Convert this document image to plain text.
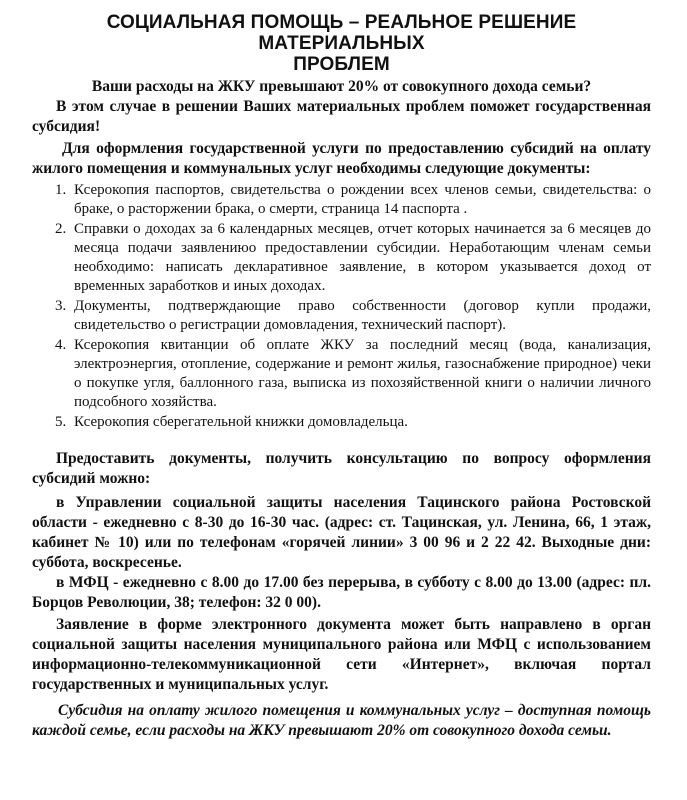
СОЦИАЛЬНАЯ ПОМОЩЬ – РЕАЛЬНОЕ РЕШЕНИЕ МАТЕРИАЛЬНЫХ
ПРОБЛЕМ

Ваши расходы на ЖКУ превышают 20% от совокупного дохода семьи?

В этом случае в решении Ваших материальных проблем поможет государственная субсидия!

Для оформления государственной услуги по предоставлению субсидий на оплату жилого помещения и коммунальных услуг необходимы следующие документы:

1. Ксерокопия паспортов, свидетельства о рождении всех членов семьи, свидетельства: о браке, о расторжении брака, о смерти, страница 14 паспорта .
2. Справки о доходах за 6 календарных месяцев, отчет которых начинается за 6 месяцев до месяца подачи заявлениюо предоставлении субсидии. Неработающим членам семьи необходимо: написать декларативное заявление, в котором указывается доход от временных заработков и иных доходах.
3. Документы, подтверждающие право собственности (договор купли продажи, свидетельство о регистрации домовладения, технический паспорт).
4. Ксерокопия квитанции об оплате ЖКУ за последний месяц (вода, канализация, электроэнергия, отопление, содержание и ремонт жилья, газоснабжение природное) чеки о покупке угля, баллонного газа, выписка из похозяйственной книги о наличии личного подсобного хозяйства.
5. Ксерокопия сберегательной книжки домовладельца.

Предоставить документы, получить консультацию по вопросу оформления субсидий можно:

в Управлении социальной защиты населения Тацинского района Ростовской области - ежедневно с 8-30 до 16-30 час. (адрес: ст. Тацинская, ул. Ленина, 66, 1 этаж, кабинет № 10) или по телефонам «горячей линии» 3 00 96 и 2 22 42. Выходные дни: суббота, воскресенье.

в МФЦ - ежедневно с 8.00 до 17.00 без перерыва, в субботу с 8.00 до 13.00 (адрес: пл. Борцов Революции, 38; телефон: 32 0 00).

Заявление в форме электронного документа может быть направлено в орган социальной защиты населения муниципального района или МФЦ с использованием информационно-телекоммуникационной сети «Интернет», включая портал государственных и муниципальных услуг.

Субсидия на оплату жилого помещения и коммунальных услуг – доступная помощь каждой семье, если расходы на ЖКУ превышают 20% от совокупного дохода семьи.
